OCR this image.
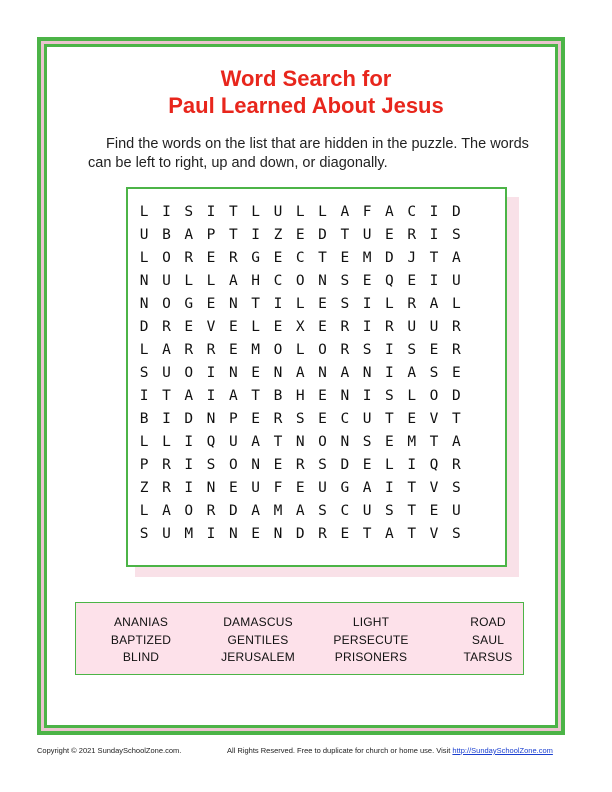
Word Search for
Paul Learned About Jesus

Find the words on the list that are hidden in the puzzle. The words can be left to right, up and down, or diagonally.

L I S I T L U L L A F A C I D
U B A P T I Z E D T U E R I S
L O R E R G E C T E M D J T A
N U L L A H C O N S E Q E I U
N O G E N T I L E S I L R A L
D R E V E L E X E R I R U U R
L A R R E M O L O R S I S E R
S U O I N E N A N A N I A S E
I T A I A T B H E N I S L O D
B I D N P E R S E C U T E V T
L L I Q U A T N O N S E M T A
P R I S O N E R S D E L I Q R
Z R I N E U F E U G A I T V S
L A O R D A M A S C U S T E U
S U M I N E N D R E T A T V S
ANANIAS
BAPTIZED
BLIND
DAMASCUS
GENTILES
JERUSALEM
LIGHT
PERSECUTE
PRISONERS
ROAD
SAUL
TARSUS
Copyright © 2021 SundaySchoolZone.com.	All Rights Reserved. Free to duplicate for church or home use. Visit http://SundaySchoolZone.com
